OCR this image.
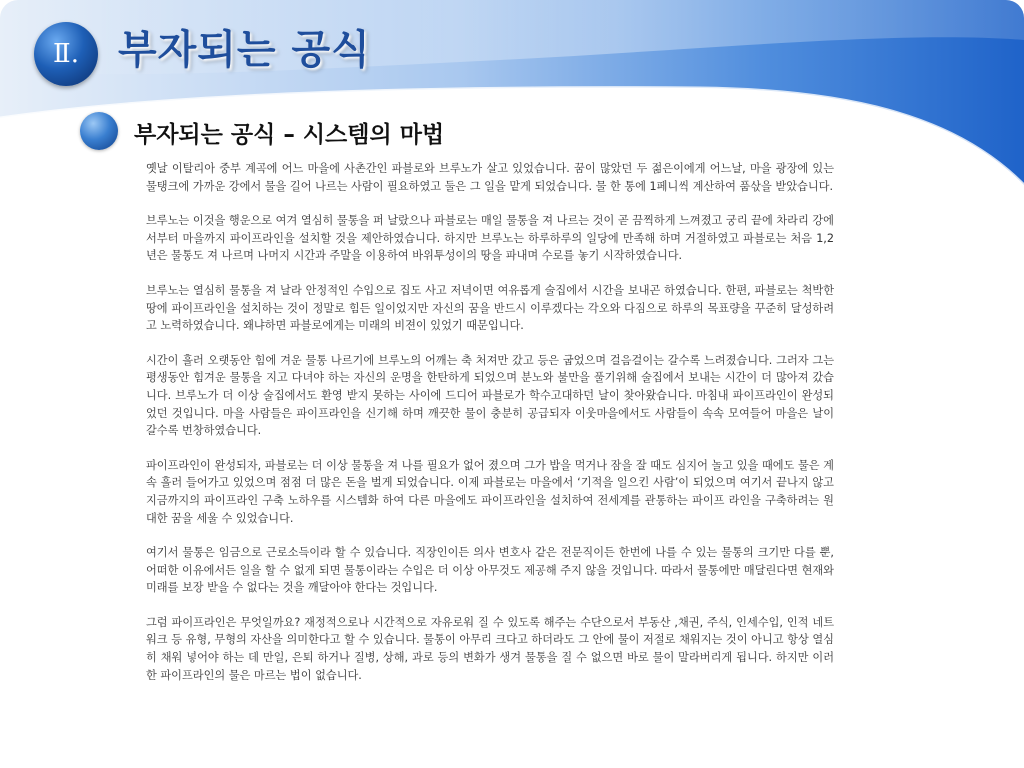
Ⅱ. 부자되는 공식
부자되는 공식 – 시스템의 마법

옛날 이탈리아 중부 계곡에 어느 마을에 사촌간인 파블로와 브루노가 살고 있었습니다. 꿈이 많았던 두 젊은이에게 어느날, 마을 광장에 있는 물탱크에 가까운 강에서 물을 길어 나르는 사람이 필요하였고 둘은 그 일을 맡게 되었습니다. 물 한 통에 1페니씩 계산하여 품삯을 받았습니다.

브루노는 이것을 행운으로 여겨 열심히 물통을 퍼 날랐으나 파블로는 매일 물통을 져 나르는 것이 곧 끔찍하게 느껴졌고 궁리 끝에 차라리 강에서부터 마을까지 파이프라인을 설치할 것을 제안하였습니다. 하지만 브루노는 하루하루의 일당에 만족해 하며 거절하였고 파블로는 처음 1,2년은 물통도 져 나르며 나머지 시간과 주말을 이용하여 바위투성이의 땅을 파내며 수로를 놓기 시작하였습니다.

브루노는 열심히 물통을 져 날라 안정적인 수입으로 집도 사고 저녁이면 여유롭게 술집에서 시간을 보내곤 하였습니다. 한편, 파블로는 척박한 땅에 파이프라인을 설치하는 것이 정말로 힘든 일이었지만 자신의 꿈을 반드시 이루겠다는 각오와 다짐으로 하루의 목표량을 꾸준히 달성하려고 노력하였습니다. 왜냐하면 파블로에게는 미래의 비젼이 있었기 때문입니다.

시간이 흘러 오랫동안 힘에 겨운 물통 나르기에 브루노의 어깨는 축 처져만 갔고 등은 굽었으며 걸음걸이는 갈수록 느려졌습니다. 그러자 그는 평생동안 힘겨운 물통을 지고 다녀야 하는 자신의 운명을 한탄하게 되었으며 분노와 불만을 풀기위해 술집에서 보내는 시간이 더 많아져 갔습니다. 브루노가 더 이상 술집에서도 환영 받지 못하는 사이에 드디어 파블로가 학수고대하던 날이 찾아왔습니다. 마침내 파이프라인이 완성되었던 것입니다. 마을 사람들은 파이프라인을 신기해 하며 깨끗한 물이 충분히 공급되자 이웃마을에서도 사람들이 속속 모여들어 마을은 날이 갈수록 번창하였습니다.

파이프라인이 완성되자, 파블로는 더 이상 물통을 져 나를 필요가 없어 졌으며 그가 밥을 먹거나 잠을 잘 때도 심지어 놀고 있을 때에도 물은 계속 흘러 들어가고 있었으며 점점 더 많은 돈을 벌게 되었습니다. 이제 파블로는 마을에서 ‘기적을 일으킨 사람’이 되었으며 여기서 끝나지 않고 지금까지의 파이프라인 구축 노하우를 시스템화 하여 다른 마을에도 파이프라인을 설치하여 전세계를 관통하는 파이프 라인을 구축하려는 원대한 꿈을 세울 수 있었습니다.

여기서 물통은 임금으로 근로소득이라 할 수 있습니다. 직장인이든 의사 변호사 같은 전문직이든 한번에 나를 수 있는 물통의 크기만 다를 뿐, 어떠한 이유에서든 일을 할 수 없게 되면 물통이라는 수입은 더 이상 아무것도 제공해 주지 않을 것입니다. 따라서 물통에만 매달린다면 현재와 미래를 보장 받을 수 없다는 것을 깨달아야 한다는 것입니다.

그럼 파이프라인은 무엇일까요? 재정적으로나 시간적으로 자유로워 질 수 있도록 해주는 수단으로서 부동산 ,채권, 주식, 인세수입, 인적 네트워크 등 유형, 무형의 자산을 의미한다고 할 수 있습니다. 물통이 아무리 크다고 하더라도 그 안에 물이 저절로 채워지는 것이 아니고 항상 열심히 채워 넣어야 하는 데 만일, 은퇴 하거나 질병, 상해, 과로 등의 변화가 생겨 물통을 질 수 없으면 바로 물이 말라버리게 됩니다. 하지만 이러한 파이프라인의 물은 마르는 법이 없습니다.
